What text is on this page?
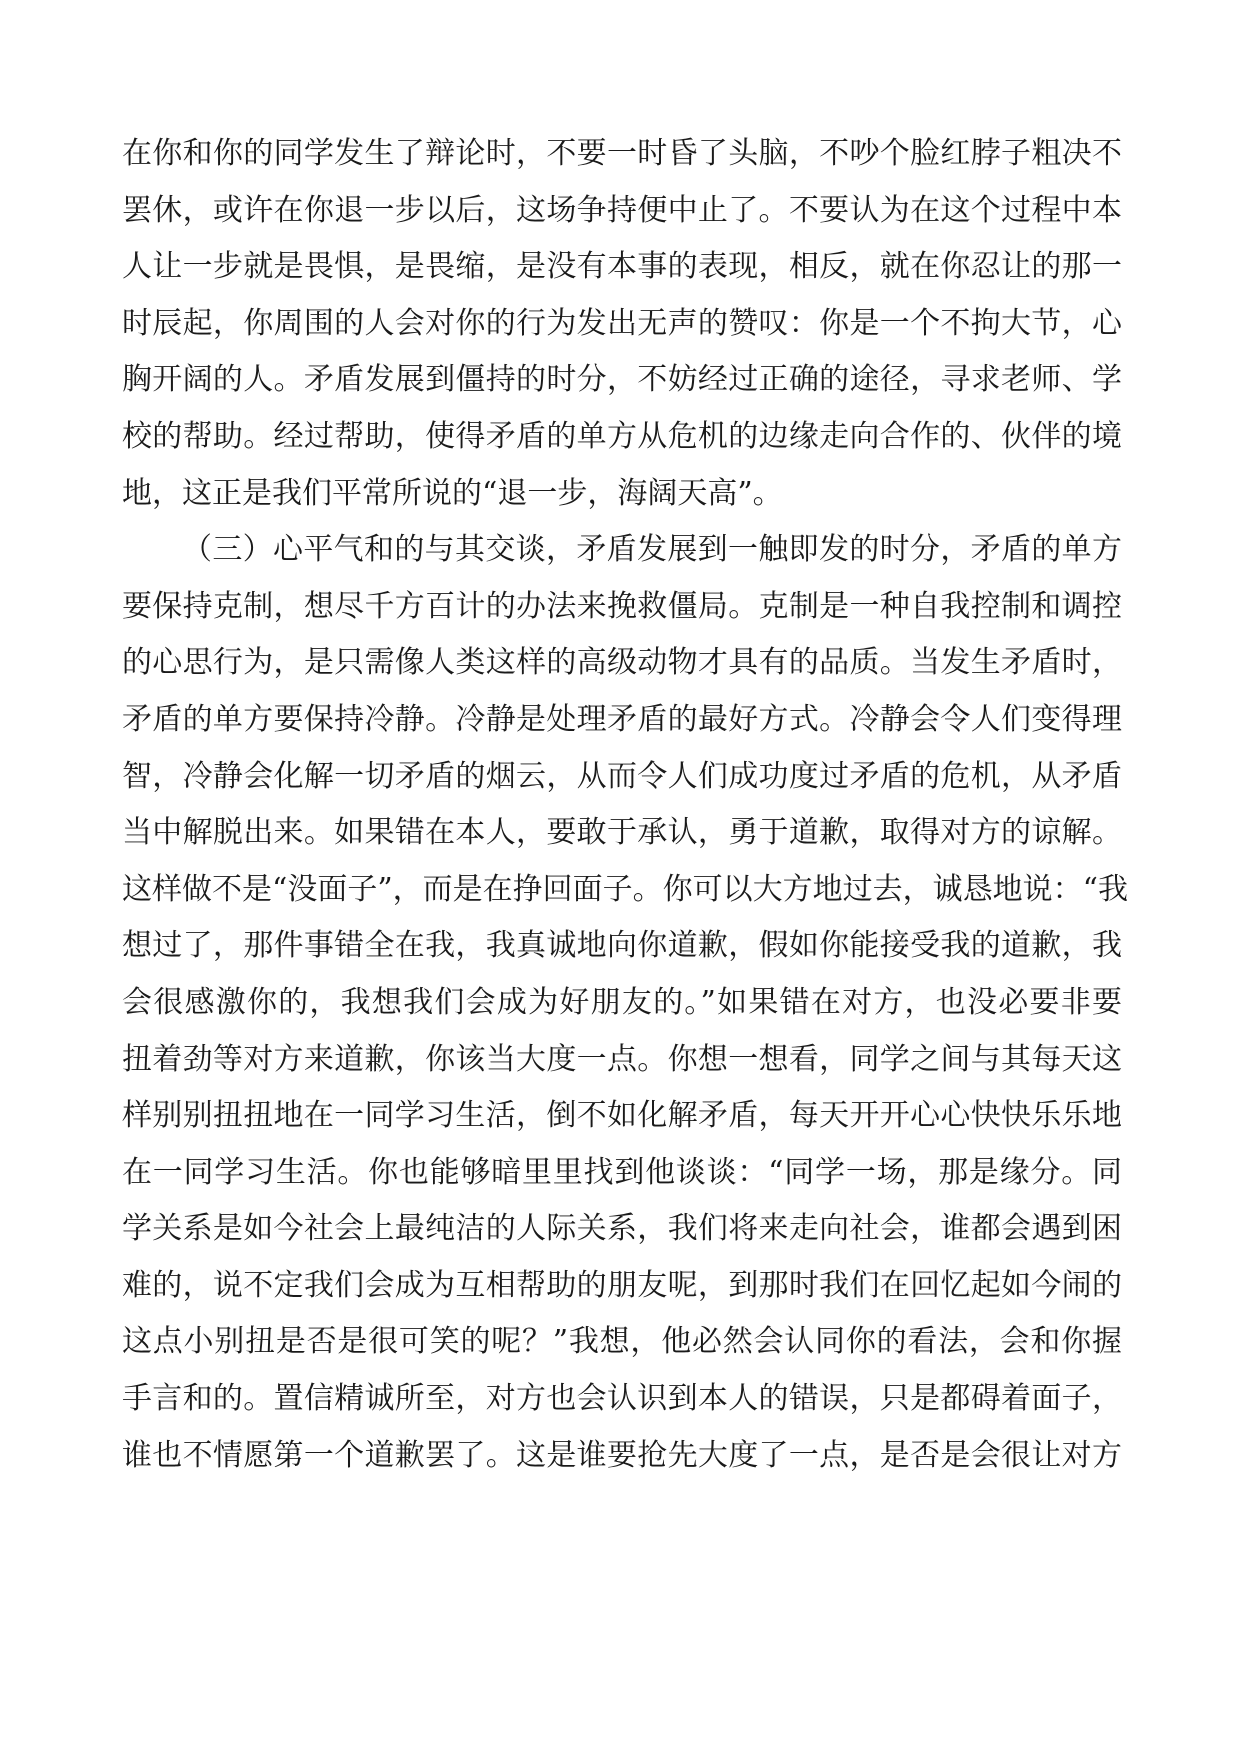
在你和你的同学发生了辩论时，不要一时昏了头脑，不吵个脸红脖子粗决不
罢休，或许在你退一步以后，这场争持便中止了。不要认为在这个过程中本
人让一步就是畏惧，是畏缩，是没有本事的表现，相反，就在你忍让的那一
时辰起，你周围的人会对你的行为发出无声的赞叹：你是一个不拘大节，心
胸开阔的人。矛盾发展到僵持的时分，不妨经过正确的途径，寻求老师、学
校的帮助。经过帮助，使得矛盾的单方从危机的边缘走向合作的、伙伴的境
地，这正是我们平常所说的“退一步，海阔天高”。
（三）心平气和的与其交谈，矛盾发展到一触即发的时分，矛盾的单方
要保持克制，想尽千方百计的办法来挽救僵局。克制是一种自我控制和调控
的心思行为，是只需像人类这样的高级动物才具有的品质。当发生矛盾时，
矛盾的单方要保持冷静。冷静是处理矛盾的最好方式。冷静会令人们变得理
智，冷静会化解一切矛盾的烟云，从而令人们成功度过矛盾的危机，从矛盾
当中解脱出来。如果错在本人，要敢于承认，勇于道歉，取得对方的谅解。
这样做不是“没面子”，而是在挣回面子。你可以大方地过去，诚恳地说：“我
想过了，那件事错全在我，我真诚地向你道歉，假如你能接受我的道歉，我
会很感激你的，我想我们会成为好朋友的。”如果错在对方，也没必要非要
扭着劲等对方来道歉，你该当大度一点。你想一想看，同学之间与其每天这
样别别扭扭地在一同学习生活，倒不如化解矛盾，每天开开心心快快乐乐地
在一同学习生活。你也能够暗里里找到他谈谈：“同学一场，那是缘分。同
学关系是如今社会上最纯洁的人际关系，我们将来走向社会，谁都会遇到困
难的，说不定我们会成为互相帮助的朋友呢，到那时我们在回忆起如今闹的
这点小别扭是否是很可笑的呢？”我想，他必然会认同你的看法，会和你握
手言和的。置信精诚所至，对方也会认识到本人的错误，只是都碍着面子，
谁也不情愿第一个道歉罢了。这是谁要抢先大度了一点，是否是会很让对方
